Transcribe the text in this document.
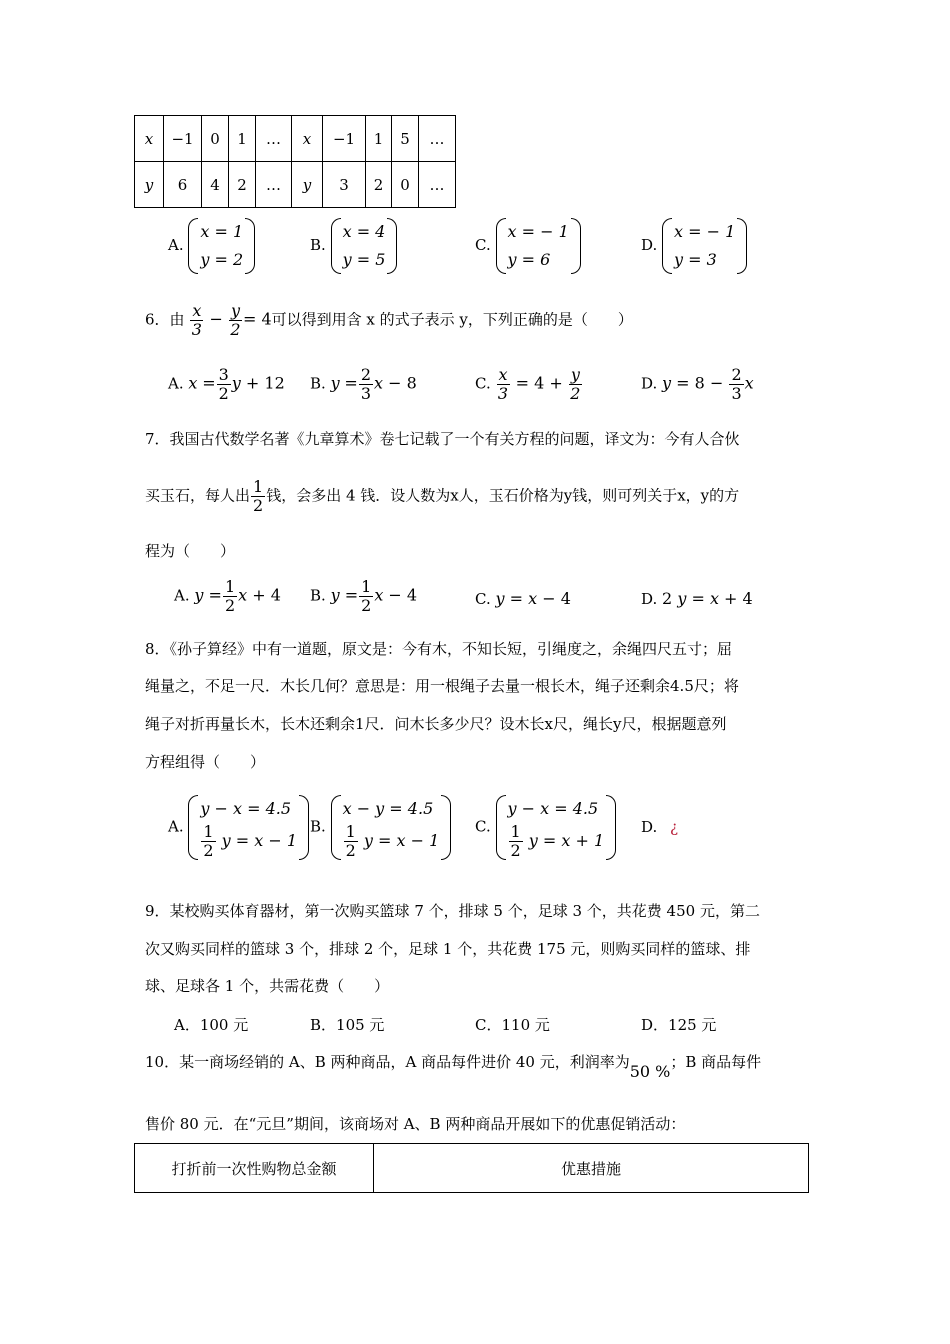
x	−1	0	1	…	x	−1	1	5	…
y	6	4	2	…	y	3	2	0	…
A.
x = 1
y = 2
B.
x = 4
y = 5
C.
x = − 1
y = 6
D.
x = − 1
y = 3
6．由 $\frac{x}{3} - \frac{y}{2} = 4$可以得到用含 x 的式子表示 y，下列正确的是（　　）
A. $x = \frac{3}{2}$ y + 12 B. $y = \frac{2}{3}$ x − 8	C. $\frac{x}{3} = 4 + \frac{y}{2}$	D. $y = 8 - \frac{2}{3}$ x
7．我国古代数学名著《九章算术》卷七记载了一个有关方程的问题，译文为：今有人合伙
买玉石，每人出 $\frac{1}{2}$ 钱，会多出 4 钱．设人数为x人，玉石价格为y钱，则可列关于x，y的方
程为（　　）
A. $y = \frac{1}{2}$ x + 4 B. $y = \frac{1}{2}$ x − 4	C. y = x − 4	D. 2 y = x + 4
8．《孙子算经》中有一道题，原文是：今有木，不知长短，引绳度之，余绳四尺五寸；屈
绳量之，不足一尺．木长几何？意思是：用一根绳子去量一根长木，绳子还剩余4.5尺；将
绳子对折再量长木，长木还剩余1尺．问木长多少尺？设木长x尺，绳长y尺，根据题意列
方程组得（　　）
A.
y − x = 4.5
$\frac{1}{2}$ y = x − 1
B.
x − y = 4.5
$\frac{1}{2}$ y = x − 1
C.
y − x = 4.5
$\frac{1}{2}$ y = x + 1
D. ¿
9．某校购买体育器材，第一次购买篮球 7 个，排球 5 个，足球 3 个，共花费 450 元，第二
次又购买同样的篮球 3 个，排球 2 个，足球 1 个，共花费 175 元，则购买同样的篮球、排
球、足球各 1 个，共需花费（　　）
A．100 元	B．105 元	C．110 元	D．125 元
10．某一商场经销的 A、B 两种商品，A 商品每件进价 40 元，利润率为50 %；B 商品每件
售价 80 元．在“元旦”期间，该商场对 A、B 两种商品开展如下的优惠促销活动：
打折前一次性购物总金额	优惠措施
